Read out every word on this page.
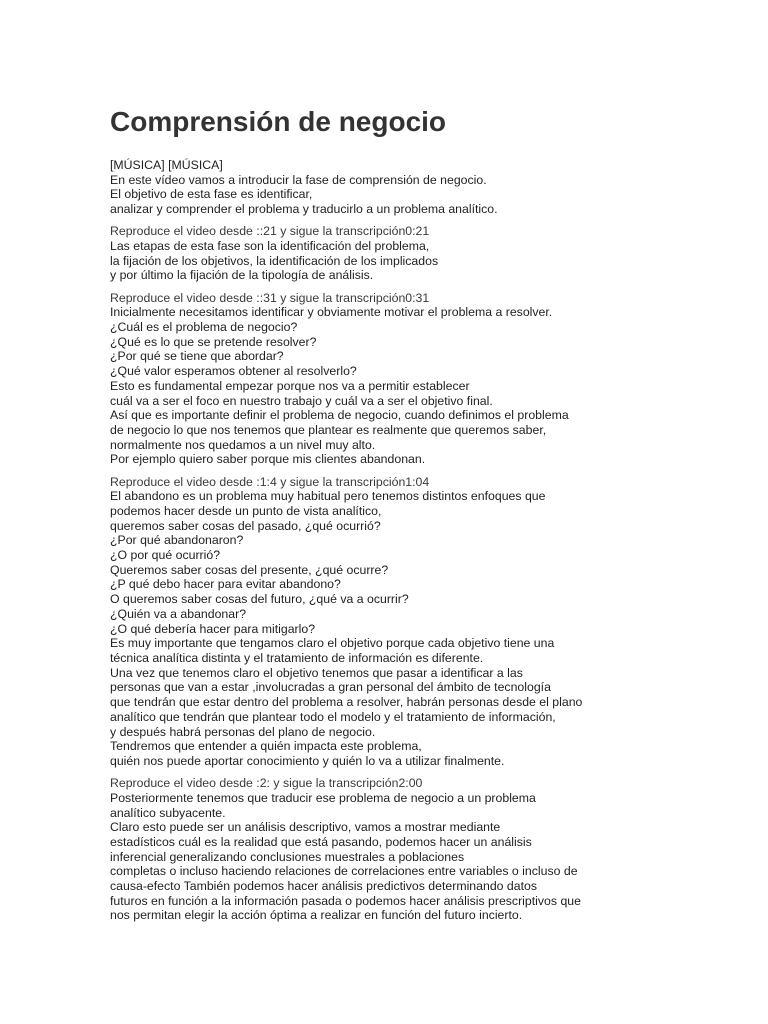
Comprensión de negocio
[MÚSICA] [MÚSICA]
En este vídeo vamos a introducir la fase de comprensión de negocio.
El objetivo de esta fase es identificar,
analizar y comprender el problema y traducirlo a un problema analítico.
Reproduce el video desde ::21 y sigue la transcripción0:21
Las etapas de esta fase son la identificación del problema,
la fijación de los objetivos, la identificación de los implicados
y por último la fijación de la tipología de análisis.
Reproduce el video desde ::31 y sigue la transcripción0:31
Inicialmente necesitamos identificar y obviamente motivar el problema a resolver.
¿Cuál es el problema de negocio?
¿Qué es lo que se pretende resolver?
¿Por qué se tiene que abordar?
¿Qué valor esperamos obtener al resolverlo?
Esto es fundamental empezar porque nos va a permitir establecer
cuál va a ser el foco en nuestro trabajo y cuál va a ser el objetivo final.
Así que es importante definir el problema de negocio, cuando definimos el problema
de negocio lo que nos tenemos que plantear es realmente que queremos saber,
normalmente nos quedamos a un nivel muy alto.
Por ejemplo quiero saber porque mis clientes abandonan.
Reproduce el video desde :1:4 y sigue la transcripción1:04
El abandono es un problema muy habitual pero tenemos distintos enfoques que
podemos hacer desde un punto de vista analítico,
queremos saber cosas del pasado, ¿qué ocurrió?
¿Por qué abandonaron?
¿O por qué ocurrió?
Queremos saber cosas del presente, ¿qué ocurre?
¿P qué debo hacer para evitar abandono?
O queremos saber cosas del futuro, ¿qué va a ocurrir?
¿Quién va a abandonar?
¿O qué debería hacer para mitigarlo?
Es muy importante que tengamos claro el objetivo porque cada objetivo tiene una
técnica analítica distinta y el tratamiento de información es diferente.
Una vez que tenemos claro el objetivo tenemos que pasar a identificar a las
personas que van a estar ,involucradas a gran personal del ámbito de tecnología
que tendrán que estar dentro del problema a resolver, habrán personas desde el plano
analítico que tendrán que plantear todo el modelo y el tratamiento de información,
y después habrá personas del plano de negocio.
Tendremos que entender a quién impacta este problema,
quién nos puede aportar conocimiento y quién lo va a utilizar finalmente.
Reproduce el video desde :2: y sigue la transcripción2:00
Posteriormente tenemos que traducir ese problema de negocio a un problema
analítico subyacente.
Claro esto puede ser un análisis descriptivo, vamos a mostrar mediante
estadísticos cuál es la realidad que está pasando, podemos hacer un análisis
inferencial generalizando conclusiones muestrales a poblaciones
completas o incluso haciendo relaciones de correlaciones entre variables o incluso de
causa-efecto También podemos hacer análisis predictivos determinando datos
futuros en función a la información pasada o podemos hacer análisis prescriptivos que
nos permitan elegir la acción óptima a realizar en función del futuro incierto.
